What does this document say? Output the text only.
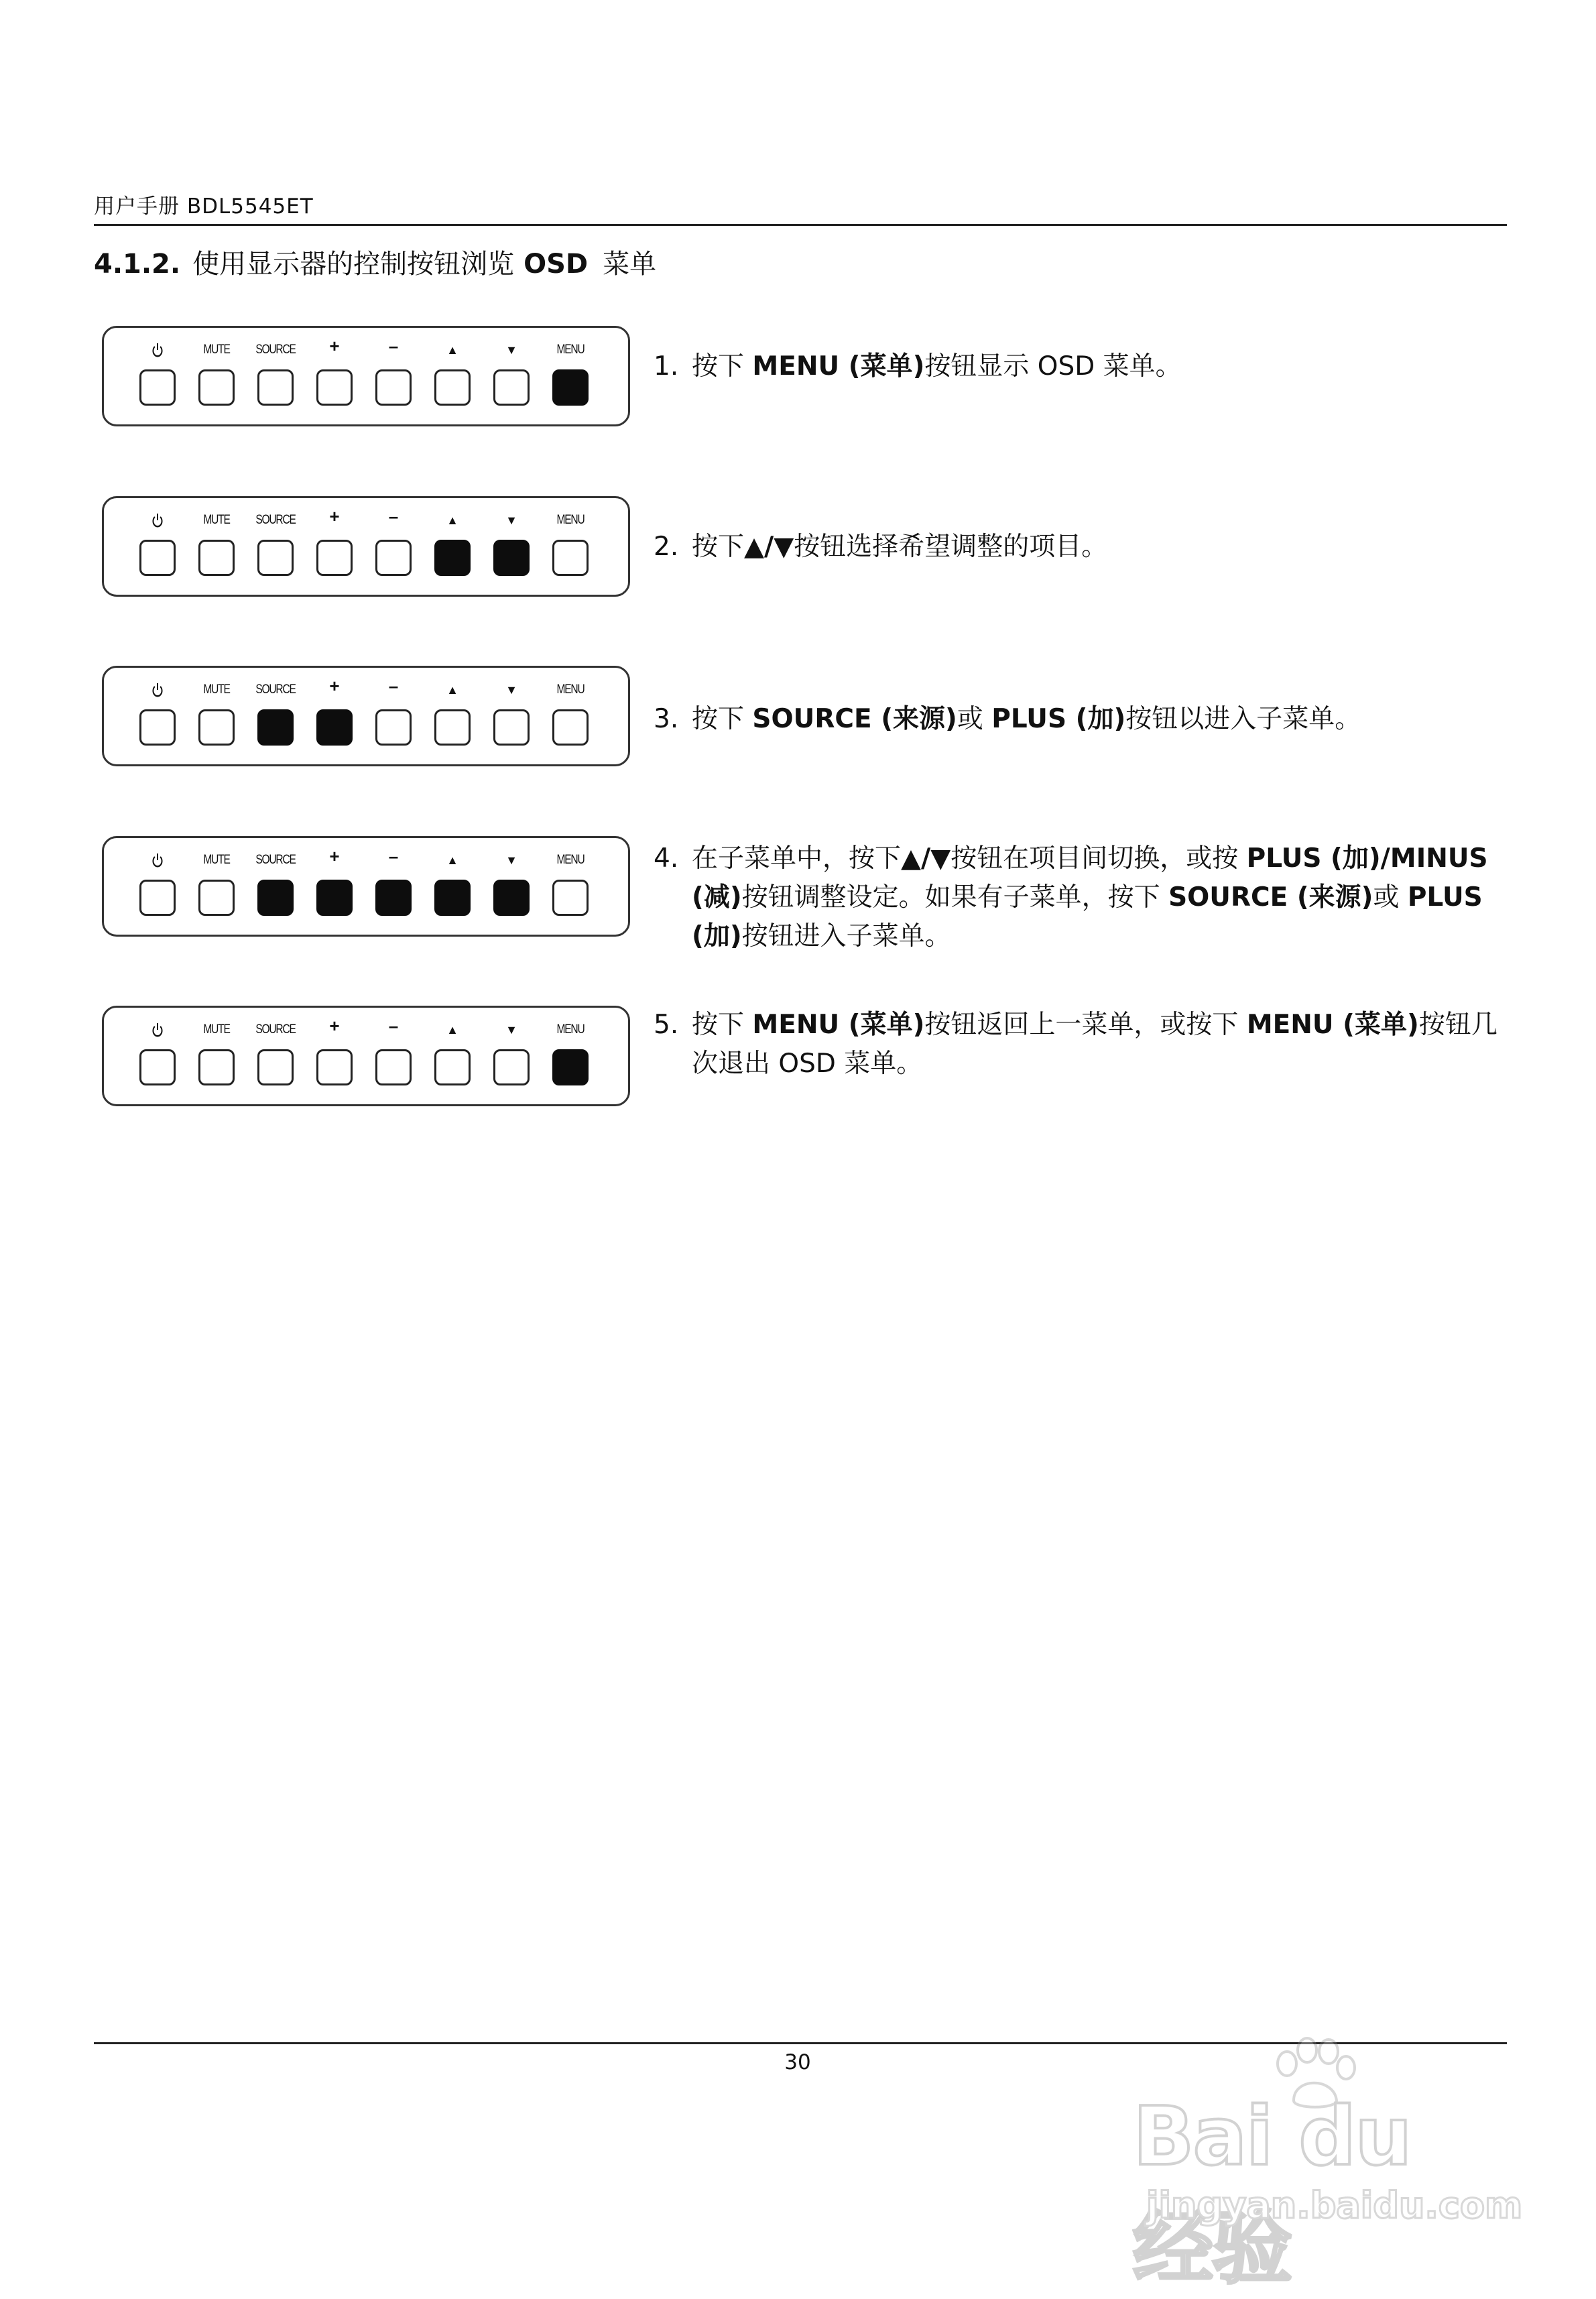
用户手册 BDL5545ET
4.1.2. 使用显示器的控制按钮浏览 OSD 菜单
MUTE	SOURCE	+	–	▲	▼	MENU
MUTE	SOURCE	+	–	▲	▼	MENU
MUTE	SOURCE	+	–	▲	▼	MENU
MUTE	SOURCE	+	–	▲	▼	MENU
MUTE	SOURCE	+	–	▲	▼	MENU
1. 按下 MENU (菜单)按钮显示 OSD 菜单。
2. 按下▲/▼按钮选择希望调整的项目。
3. 按下 SOURCE (来源)或 PLUS (加)按钮以进入子菜单。
4. 在子菜单中，按下▲/▼按钮在项目间切换，或按 PLUS (加)/MINUS (减)按钮调整设定。如果有子菜单，按下 SOURCE (来源)或 PLUS (加)按钮进入子菜单。
5. 按下 MENU (菜单)按钮返回上一菜单，或按下 MENU (菜单)按钮几次退出 OSD 菜单。
30
Bai du 经验
jingyan.baidu.com
